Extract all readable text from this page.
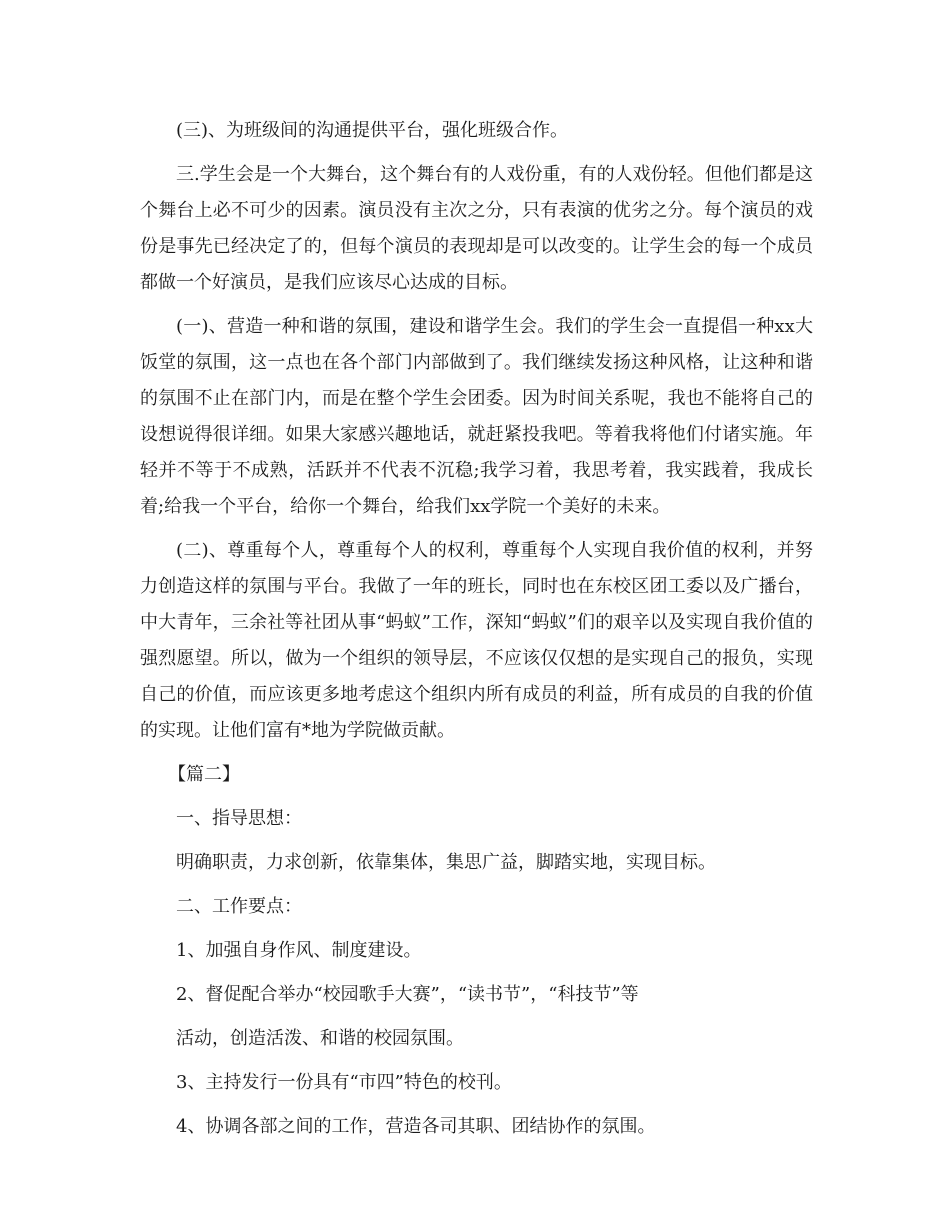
(三)、为班级间的沟通提供平台，强化班级合作。

三.学生会是一个大舞台，这个舞台有的人戏份重，有的人戏份轻。但他们都是这个舞台上必不可少的因素。演员没有主次之分，只有表演的优劣之分。每个演员的戏份是事先已经决定了的，但每个演员的表现却是可以改变的。让学生会的每一个成员都做一个好演员，是我们应该尽心达成的目标。

(一)、营造一种和谐的氛围，建设和谐学生会。我们的学生会一直提倡一种xx大饭堂的氛围，这一点也在各个部门内部做到了。我们继续发扬这种风格，让这种和谐的氛围不止在部门内，而是在整个学生会团委。因为时间关系呢，我也不能将自己的设想说得很详细。如果大家感兴趣地话，就赶紧投我吧。等着我将他们付诸实施。年轻并不等于不成熟，活跃并不代表不沉稳;我学习着，我思考着，我实践着，我成长着;给我一个平台，给你一个舞台，给我们xx学院一个美好的未来。

(二)、尊重每个人，尊重每个人的权利，尊重每个人实现自我价值的权利，并努力创造这样的氛围与平台。我做了一年的班长，同时也在东校区团工委以及广播台，中大青年，三余社等社团从事“蚂蚁”工作，深知“蚂蚁”们的艰辛以及实现自我价值的强烈愿望。所以，做为一个组织的领导层，不应该仅仅想的是实现自己的报负，实现自己的价值，而应该更多地考虑这个组织内所有成员的利益，所有成员的自我的价值的实现。让他们富有*地为学院做贡献。

【篇二】

一、指导思想：

明确职责，力求创新，依靠集体，集思广益，脚踏实地，实现目标。

二、工作要点：

1、加强自身作风、制度建设。

2、督促配合举办“校园歌手大赛”，“读书节”，“科技节”等

活动，创造活泼、和谐的校园氛围。

3、主持发行一份具有“市四”特色的校刊。

4、协调各部之间的工作，营造各司其职、团结协作的氛围。
